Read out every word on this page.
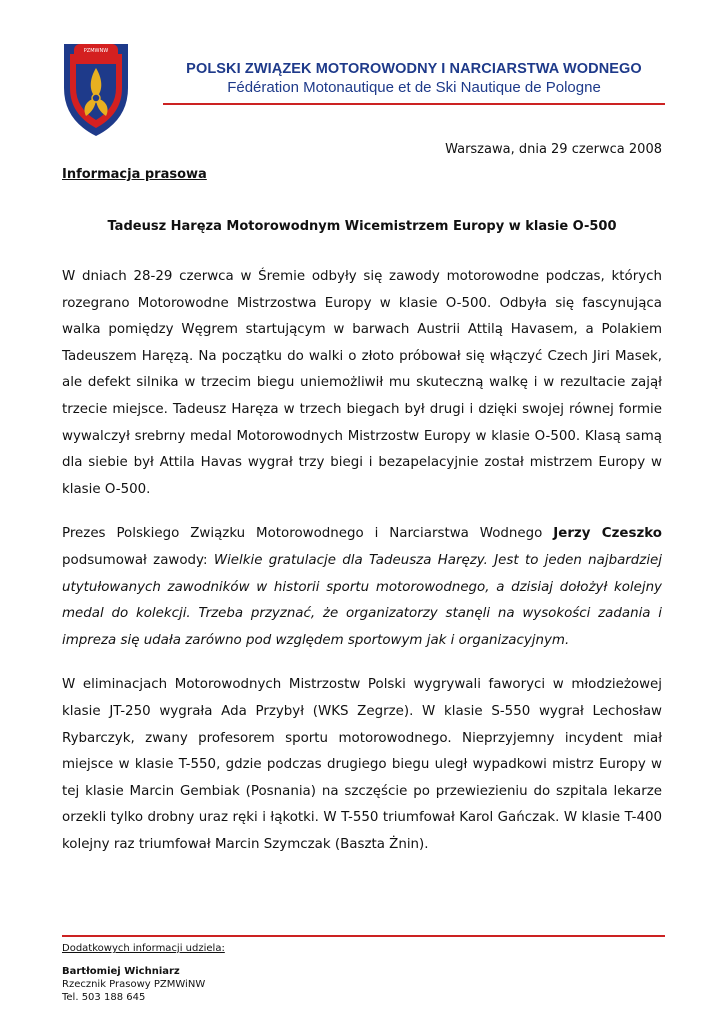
PZMWNW
POLSKI ZWIĄZEK MOTOROWODNY I NARCIARSTWA WODNEGO
Fédération Motonautique et de Ski Nautique de Pologne
Warszawa, dnia 29 czerwca 2008
Informacja prasowa
Tadeusz Haręza Motorowodnym Wicemistrzem Europy w klasie O-500

W dniach 28-29 czerwca w Śremie odbyły się zawody motorowodne podczas, których rozegrano Motorowodne Mistrzostwa Europy w klasie O-500. Odbyła się fascynująca walka pomiędzy Węgrem startującym w barwach Austrii Attilą Havasem, a Polakiem Tadeuszem Haręzą. Na początku do walki o złoto próbował się włączyć Czech Jiri Masek, ale defekt silnika w trzecim biegu uniemożliwił mu skuteczną walkę i w rezultacie zajął trzecie miejsce. Tadeusz Haręza w trzech biegach był drugi i dzięki swojej równej formie wywalczył srebrny medal Motorowodnych Mistrzostw Europy w klasie O-500. Klasą samą dla siebie był Attila Havas wygrał trzy biegi i bezapelacyjnie został mistrzem Europy w klasie O-500.

Prezes Polskiego Związku Motorowodnego i Narciarstwa Wodnego Jerzy Czeszko podsumował zawody: Wielkie gratulacje dla Tadeusza Haręzy. Jest to jeden najbardziej utytułowanych zawodników w historii sportu motorowodnego, a dzisiaj dołożył kolejny medal do kolekcji. Trzeba przyznać, że organizatorzy stanęli na wysokości zadania i impreza się udała zarówno pod względem sportowym jak i organizacyjnym.

W eliminacjach Motorowodnych Mistrzostw Polski wygrywali faworyci w młodzieżowej klasie JT-250 wygrała Ada Przybył (WKS Zegrze). W klasie S-550 wygrał Lechosław Rybarczyk, zwany profesorem sportu motorowodnego. Nieprzyjemny incydent miał miejsce w klasie T-550, gdzie podczas drugiego biegu uległ wypadkowi mistrz Europy w tej klasie Marcin Gembiak (Posnania) na szczęście po przewiezieniu do szpitala lekarze orzekli tylko drobny uraz ręki i łąkotki. W T-550 triumfował Karol Gańczak. W klasie T-400 kolejny raz triumfował Marcin Szymczak (Baszta Żnin).

Dodatkowych informacji udziela:
Bartłomiej Wichniarz
Rzecznik Prasowy PZMWiNW
Tel. 503 188 645
